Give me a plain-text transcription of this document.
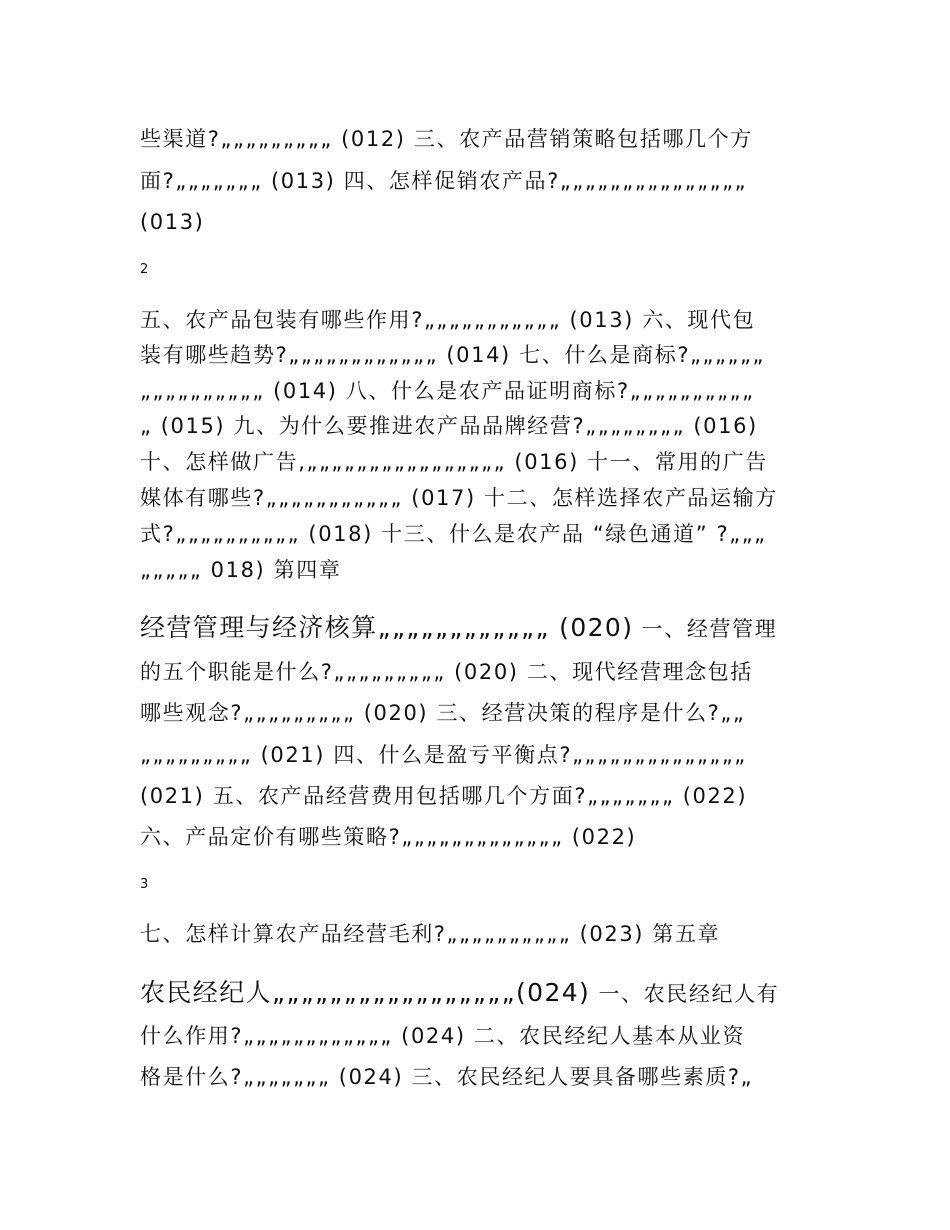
些渠道?„„„„„„„„„ (012) 三、农产品营销策略包括哪几个方
面?„„„„„„„ (013) 四、怎样促销农产品?„„„„„„„„„„„„„„„
(013)
2
五、农产品包装有哪些作用?„„„„„„„„„„„ (013) 六、现代包
装有哪些趋势?„„„„„„„„„„„„ (014) 七、什么是商标?„„„„„„
„„„„„„„„„„ (014) 八、什么是农产品证明商标?„„„„„„„„„„
„ (015) 九、为什么要推进农产品品牌经营?„„„„„„„„ (016)
十、怎样做广告,„„„„„„„„„„„„„„„„ (016) 十一、常用的广告
媒体有哪些?„„„„„„„„„„„ (017) 十二、怎样选择农产品运输方
式?„„„„„„„„„„ (018) 十三、什么是农产品 “绿色通道” ?„„„
„„„„„ 018) 第四章
经营管理与经济核算„„„„„„„„„„„„ (020) 一、经营管理
的五个职能是什么?„„„„„„„„„ (020) 二、现代经营理念包括
哪些观念?„„„„„„„„„ (020) 三、经营决策的程序是什么?„„
„„„„„„„„„ (021) 四、什么是盈亏平衡点?„„„„„„„„„„„„„„
(021) 五、农产品经营费用包括哪几个方面?„„„„„„„ (022)
六、产品定价有哪些策略?„„„„„„„„„„„„„ (022)
3
七、怎样计算农产品经营毛利?„„„„„„„„„„ (023) 第五章
农民经纪人„„„„„„„„„„„„„„„„„(024) 一、农民经纪人有
什么作用?„„„„„„„„„„„„ (024) 二、农民经纪人基本从业资
格是什么?„„„„„„„ (024) 三、农民经纪人要具备哪些素质?„
